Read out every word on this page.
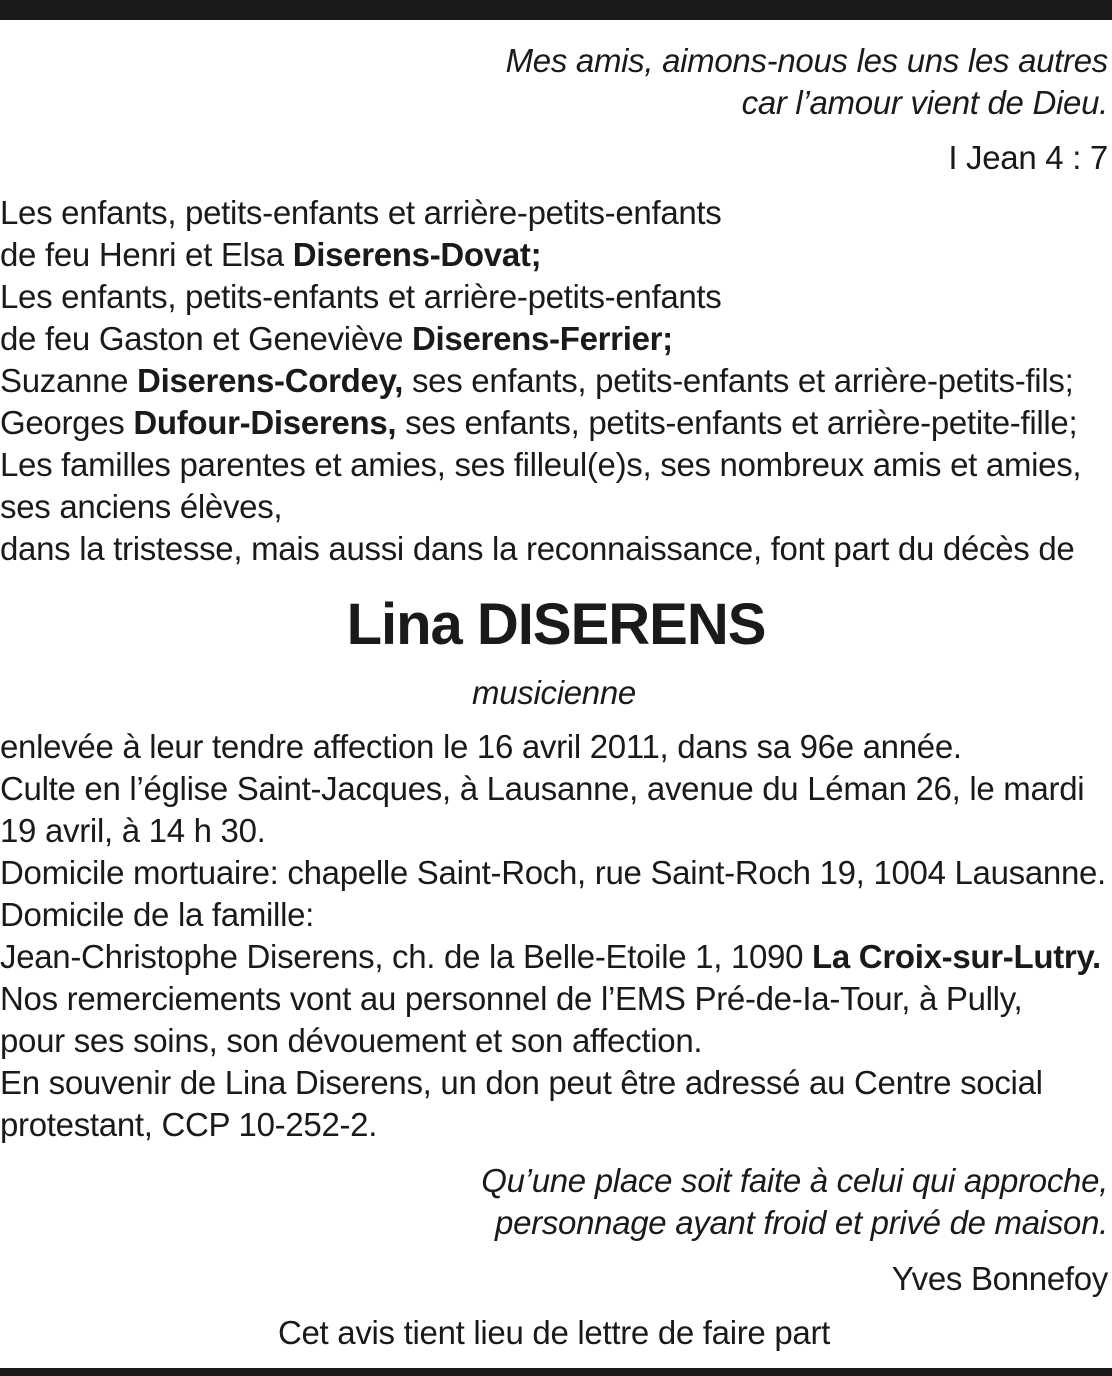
Mes amis, aimons-nous les uns les autres
car l’amour vient de Dieu.
I Jean 4 : 7
Les enfants, petits-enfants et arrière-petits-enfants
de feu Henri et Elsa Diserens-Dovat;
Les enfants, petits-enfants et arrière-petits-enfants
de feu Gaston et Geneviève Diserens-Ferrier;
Suzanne Diserens-Cordey, ses enfants, petits-enfants et arrière-petits-fils;
Georges Dufour-Diserens, ses enfants, petits-enfants et arrière-petite-fille;
Les familles parentes et amies, ses filleul(e)s, ses nombreux amis et amies,
ses anciens élèves,
dans la tristesse, mais aussi dans la reconnaissance, font part du décès de
Lina DISERENS
musicienne
enlevée à leur tendre affection le 16 avril 2011, dans sa 96e année.
Culte en l’église Saint-Jacques, à Lausanne, avenue du Léman 26, le mardi
19 avril, à 14 h 30.
Domicile mortuaire: chapelle Saint-Roch, rue Saint-Roch 19, 1004 Lausanne.
Domicile de la famille:
Jean-Christophe Diserens, ch. de la Belle-Etoile 1, 1090 La Croix-sur-Lutry.
Nos remerciements vont au personnel de l’EMS Pré-de-Ia-Tour, à Pully,
pour ses soins, son dévouement et son affection.
En souvenir de Lina Diserens, un don peut être adressé au Centre social
protestant, CCP 10-252-2.
Qu’une place soit faite à celui qui approche,
personnage ayant froid et privé de maison.
Yves Bonnefoy
Cet avis tient lieu de lettre de faire part
